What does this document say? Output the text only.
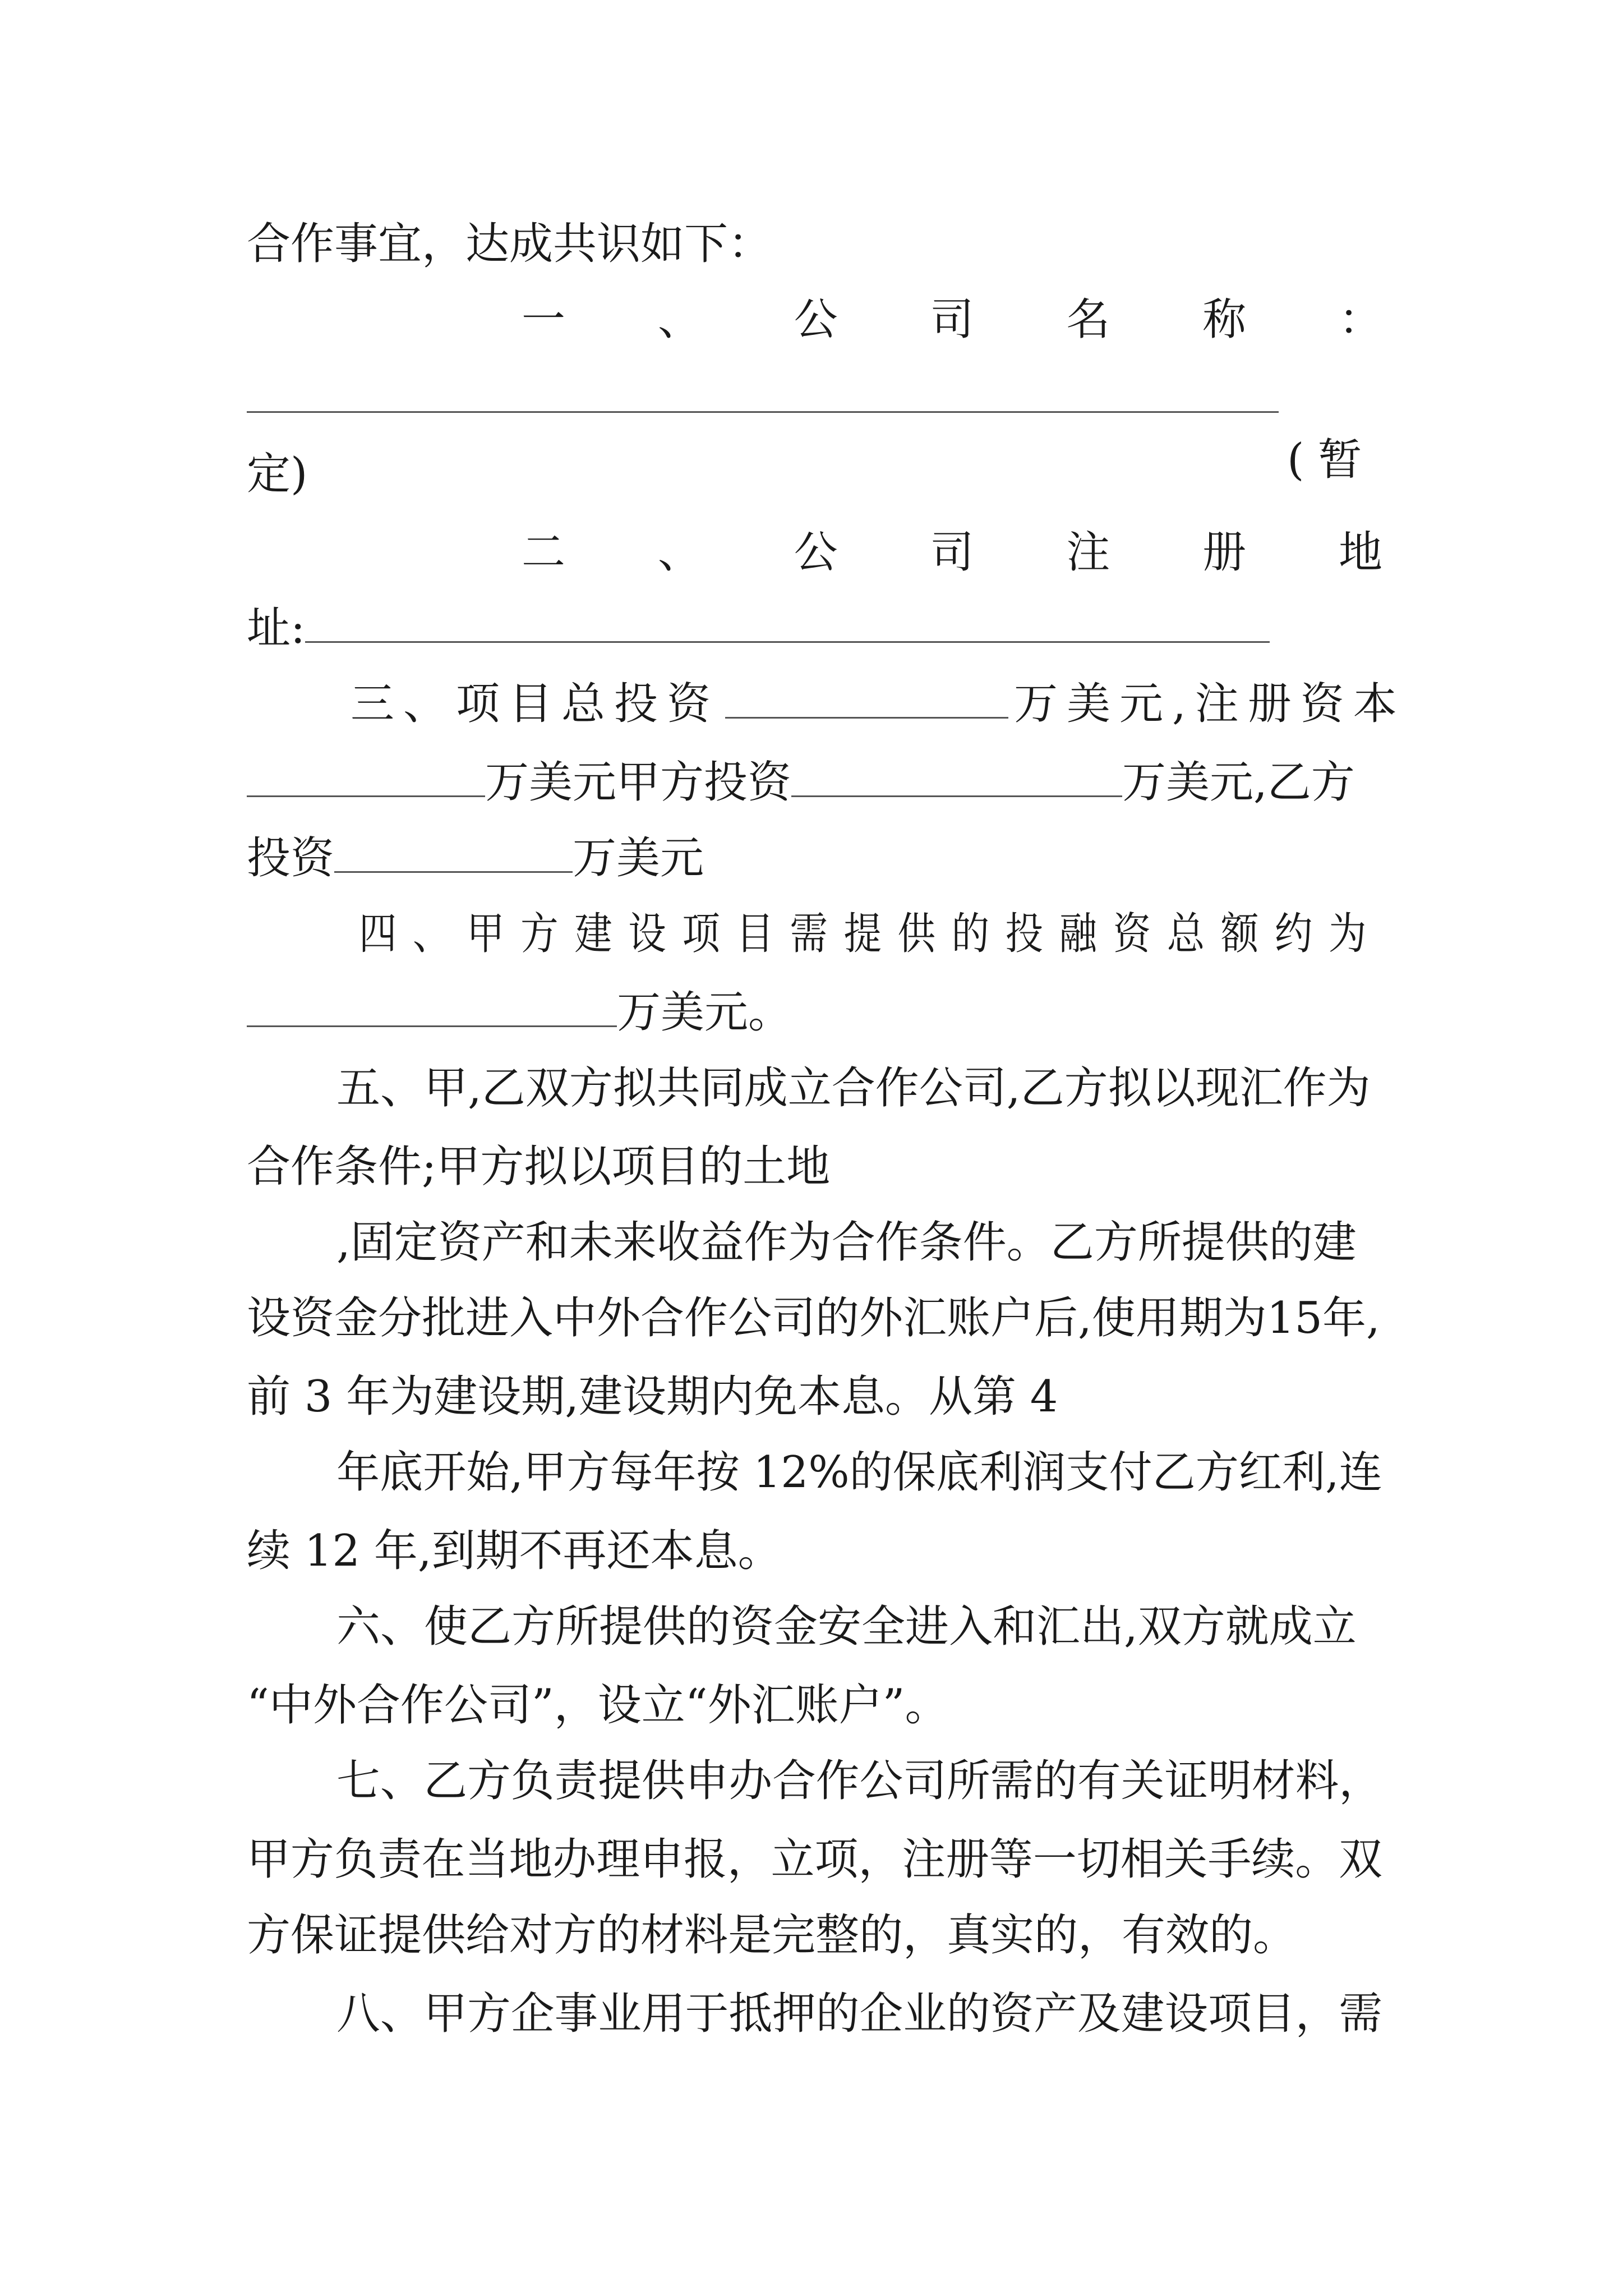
合作事宜，达成共识如下：
一 、 公 司 名 称 ：
( 暂
定)
二 、 公 司 注 册 地
址:
三、项目总投资	万美元,注册资本
万美元甲方投资	万美元,乙方
投资	万美元
四、甲方建设项目需提供的投融资总额约为
万美元。
五、甲,乙双方拟共同成立合作公司,乙方拟以现汇作为
合作条件;甲方拟以项目的土地
,固定资产和未来收益作为合作条件。乙方所提供的建
设资金分批进入中外合作公司的外汇账户后,使用期为15年,
前 3 年为建设期,建设期内免本息。从第 4
年底开始,甲方每年按 12%的保底利润支付乙方红利,连
续 12 年,到期不再还本息。
六、使乙方所提供的资金安全进入和汇出,双方就成立
“中外合作公司”，设立“外汇账户”。
七、乙方负责提供申办合作公司所需的有关证明材料，
甲方负责在当地办理申报，立项，注册等一切相关手续。双
方保证提供给对方的材料是完整的，真实的，有效的。
八、甲方企事业用于抵押的企业的资产及建设项目，需
